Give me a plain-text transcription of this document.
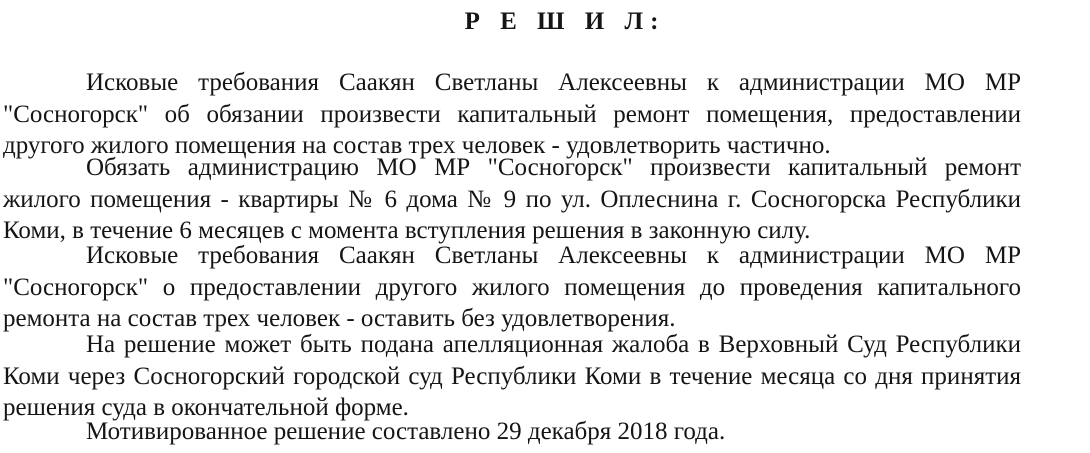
Р Е Ш И Л:
Исковые требования Саакян Светланы Алексеевны к администрации МО МР
"Сосногорск" об обязании произвести капитальный ремонт помещения, предоставлении
другого жилого помещения на состав трех человек - удовлетворить частично.
Обязать администрацию МО МР "Сосногорск" произвести капитальный ремонт
жилого помещения - квартиры № 6 дома № 9 по ул. Оплеснина г. Сосногорска Республики
Коми, в течение 6 месяцев с момента вступления решения в законную силу.
Исковые требования Саакян Светланы Алексеевны к администрации МО МР
"Сосногорск" о предоставлении другого жилого помещения до проведения капитального
ремонта на состав трех человек - оставить без удовлетворения.
На решение может быть подана апелляционная жалоба в Верховный Суд Республики
Коми через Сосногорский городской суд Республики Коми в течение месяца со дня принятия
решения суда в окончательной форме.
Мотивированное решение составлено 29 декабря 2018 года.
